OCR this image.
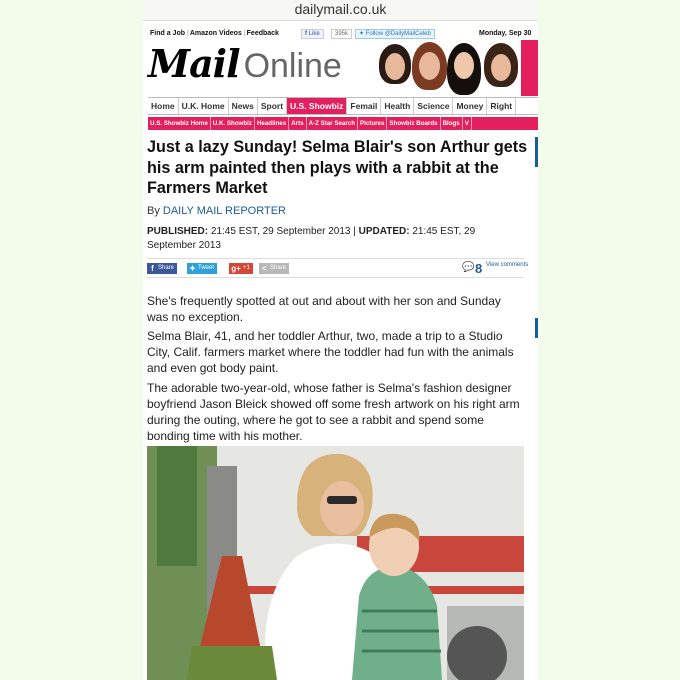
dailymail.co.uk
Find a Job |Amazon Videos |Feedback	f Like	395k	✦ Follow @DailyMailCeleb	Monday, Sep 30
Mail Online
Home U.K. Home News Sport U.S. Showbiz Femail Health Science Money Right
U.S. Showbiz Home U.K. Showbiz Headlines Arts A-Z Star Search Pictures Showbiz Boards Blogs V
Just a lazy Sunday! Selma Blair's son Arthur gets his arm painted then plays with a rabbit at the Farmers Market
By DAILY MAIL REPORTER
PUBLISHED: 21:45 EST, 29 September 2013 | UPDATED: 21:45 EST, 29 September 2013
f Share	✦ Tweet	g+ +1	< Share	💬 8 View comments

She's frequently spotted at out and about with her son and Sunday was no exception.

Selma Blair, 41, and her toddler Arthur, two, made a trip to a Studio City, Calif. farmers market where the toddler had fun with the animals and even got body paint.

The adorable two-year-old, whose father is Selma's fashion designer boyfriend Jason Bleick showed off some fresh artwork on his right arm during the outing, where he got to see a rabbit and spend some bonding time with his mother.
